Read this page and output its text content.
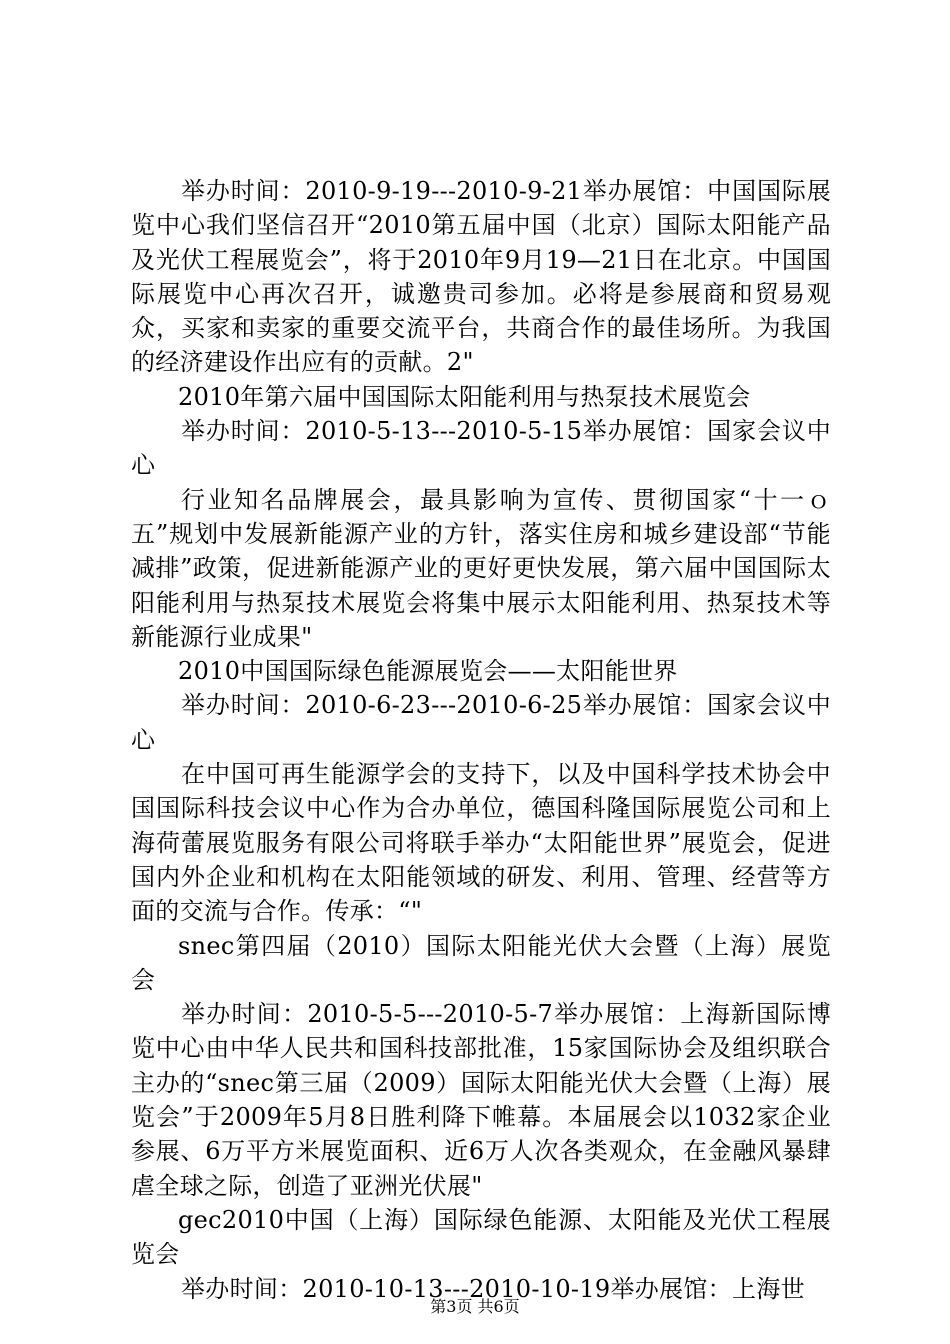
举办时间：2010-9-19---2010-9-21举办展馆：中国国际展览中心我们坚信召开“2010第五届中国（北京）国际太阳能产品及光伏工程展览会”，将于2010年9月19—21日在北京。中国国际展览中心再次召开，诚邀贵司参加。必将是参展商和贸易观众，买家和卖家的重要交流平台，共商合作的最佳场所。为我国的经济建设作出应有的贡献。2"

2010年第六届中国国际太阳能利用与热泵技术展览会

举办时间：2010-5-13---2010-5-15举办展馆：国家会议中心

行业知名品牌展会，最具影响为宣传、贯彻国家“十一ｏ五”规划中发展新能源产业的方针，落实住房和城乡建设部“节能减排”政策，促进新能源产业的更好更快发展，第六届中国国际太阳能利用与热泵技术展览会将集中展示太阳能利用、热泵技术等新能源行业成果"

2010中国国际绿色能源展览会——太阳能世界

举办时间：2010-6-23---2010-6-25举办展馆：国家会议中心

在中国可再生能源学会的支持下，以及中国科学技术协会中国国际科技会议中心作为合办单位，德国科隆国际展览公司和上海荷蕾展览服务有限公司将联手举办“太阳能世界”展览会，促进国内外企业和机构在太阳能领域的研发、利用、管理、经营等方面的交流与合作。传承：“"

snec第四届（2010）国际太阳能光伏大会暨（上海）展览会

举办时间：2010-5-5---2010-5-7举办展馆：上海新国际博览中心由中华人民共和国科技部批准，15家国际协会及组织联合主办的“snec第三届（2009）国际太阳能光伏大会暨（上海）展览会”于2009年5月8日胜利降下帷幕。本届展会以1032家企业参展、6万平方米展览面积、近6万人次各类观众，在金融风暴肆虐全球之际，创造了亚洲光伏展"

gec2010中国（上海）国际绿色能源、太阳能及光伏工程展览会

举办时间：2010-10-13---2010-10-19举办展馆：上海世

第3页 共6页
